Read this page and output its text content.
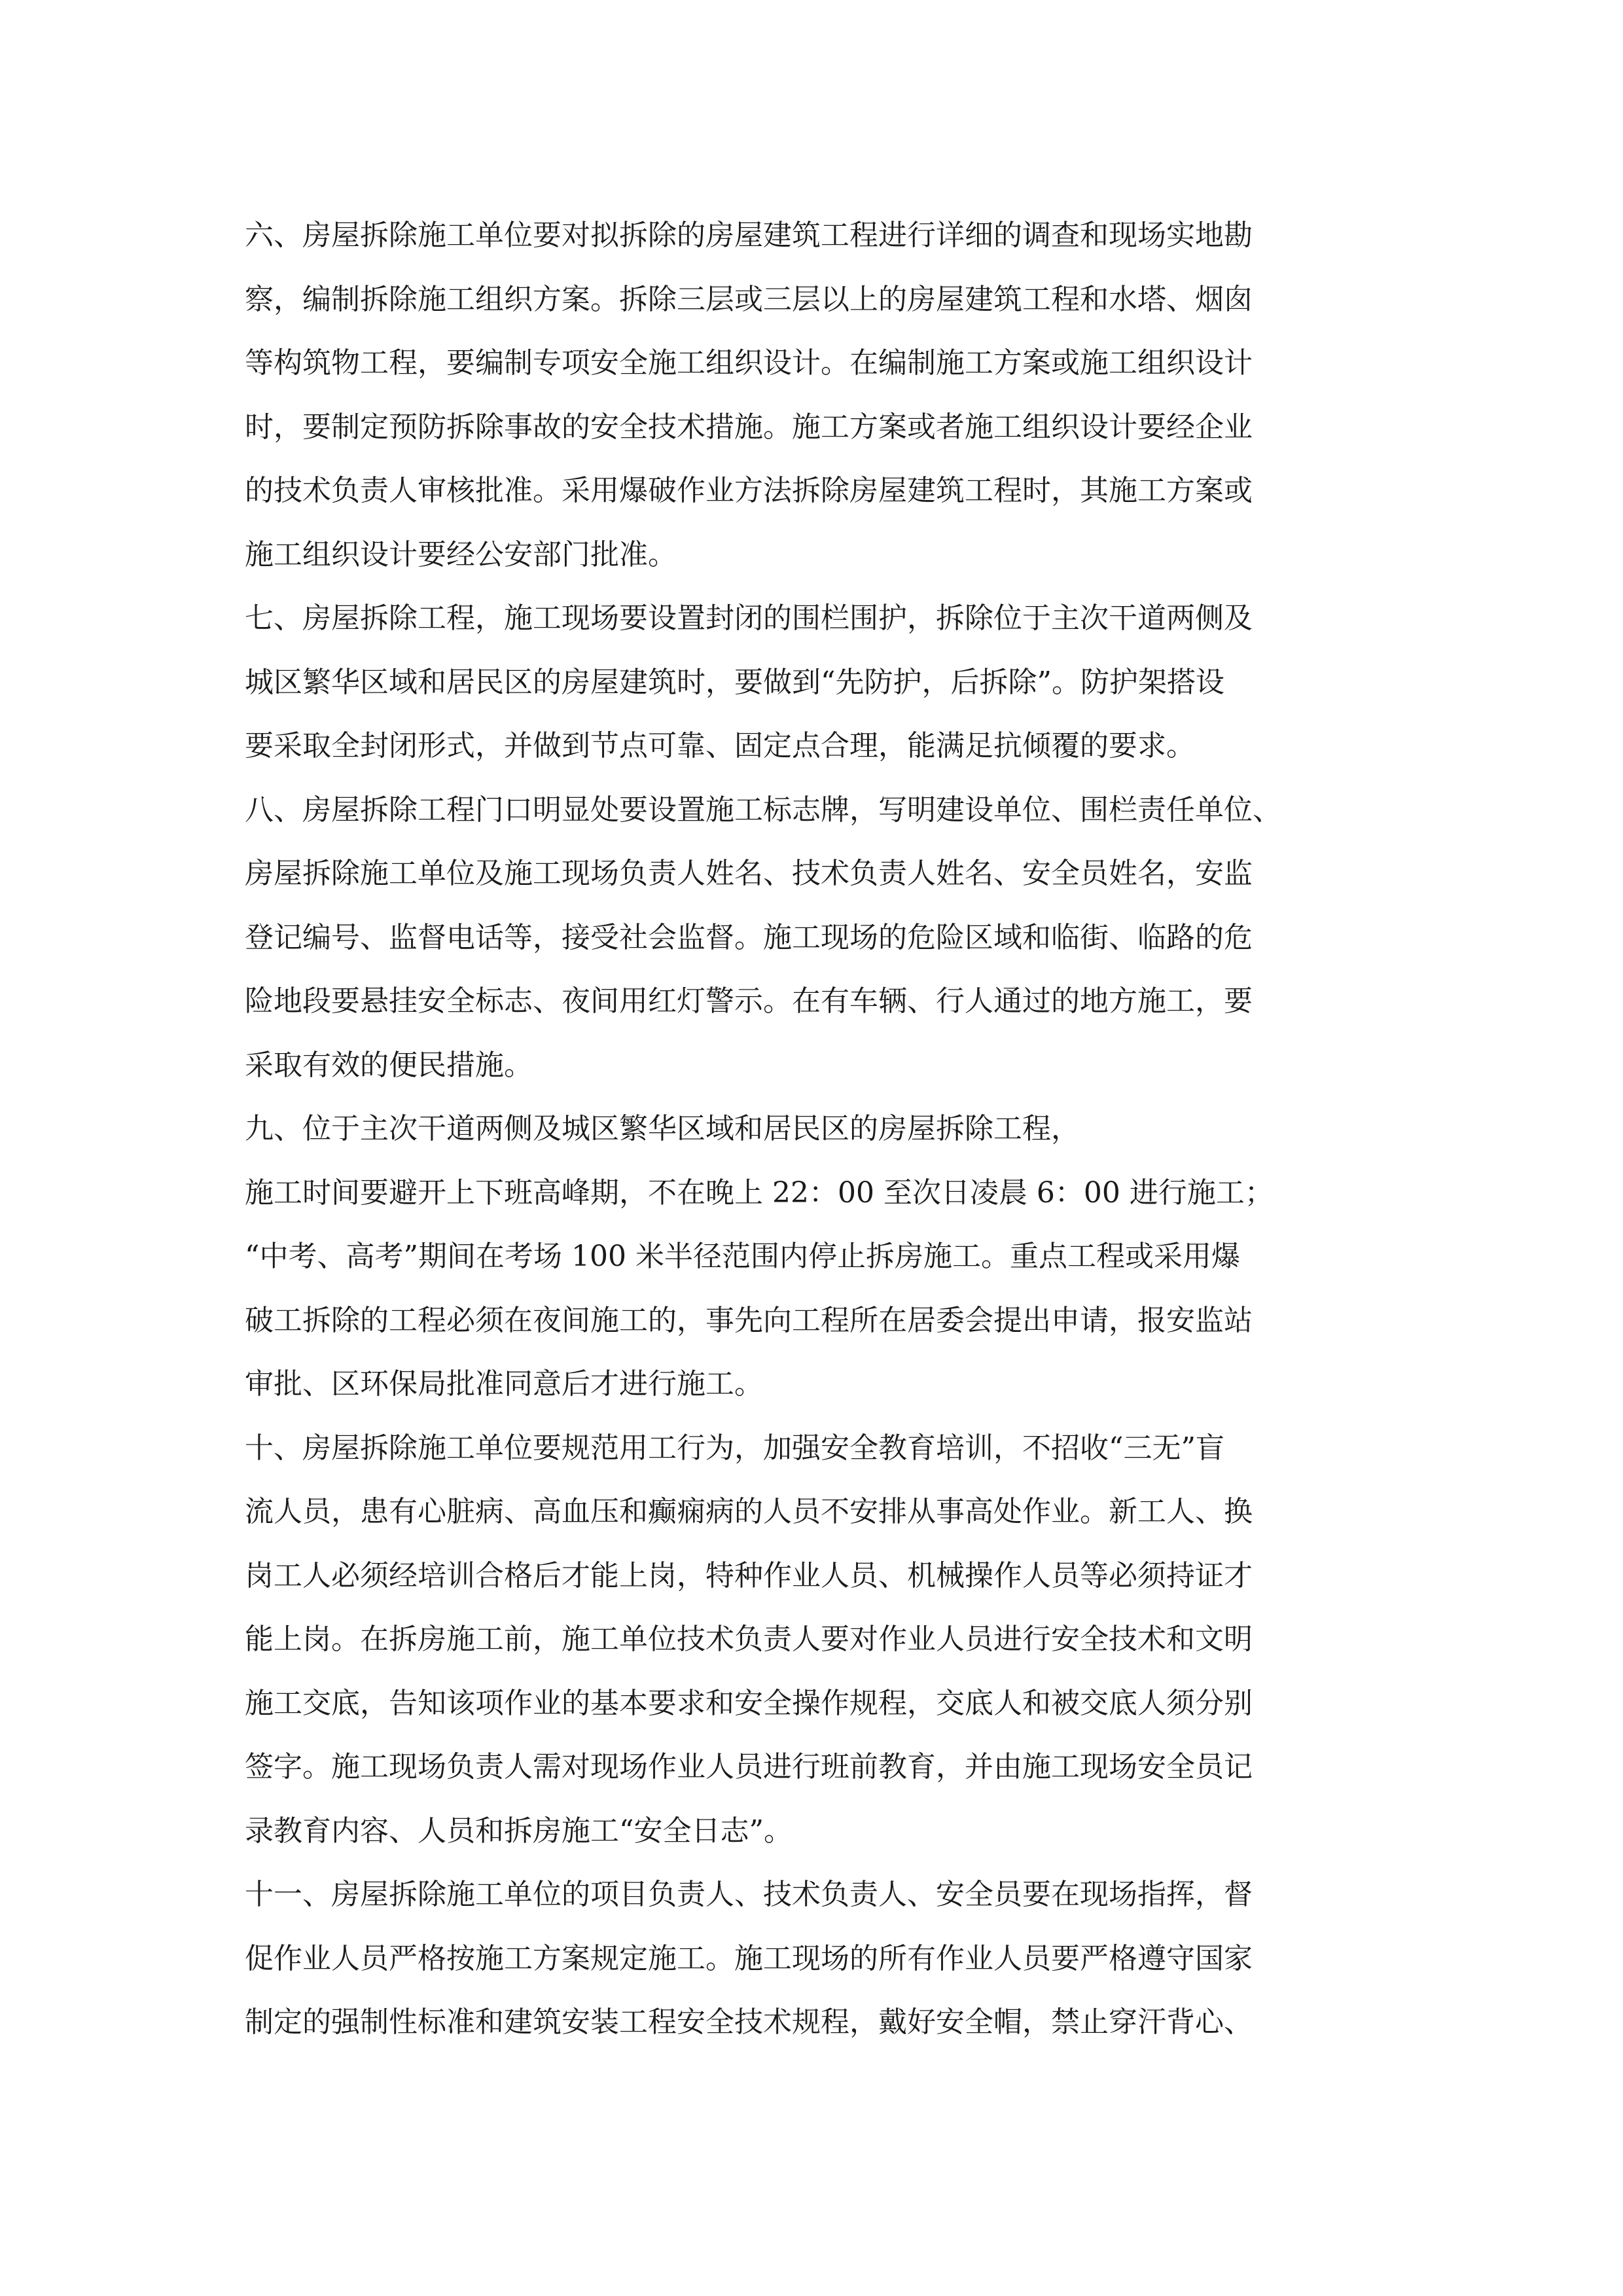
六、房屋拆除施工单位要对拟拆除的房屋建筑工程进行详细的调查和现场实地勘
察，编制拆除施工组织方案。拆除三层或三层以上的房屋建筑工程和水塔、烟囱
等构筑物工程，要编制专项安全施工组织设计。在编制施工方案或施工组织设计
时，要制定预防拆除事故的安全技术措施。施工方案或者施工组织设计要经企业
的技术负责人审核批准。采用爆破作业方法拆除房屋建筑工程时，其施工方案或
施工组织设计要经公安部门批准。
七、房屋拆除工程，施工现场要设置封闭的围栏围护，拆除位于主次干道两侧及
城区繁华区域和居民区的房屋建筑时，要做到“先防护，后拆除”。防护架搭设
要采取全封闭形式，并做到节点可靠、固定点合理，能满足抗倾覆的要求。
八、房屋拆除工程门口明显处要设置施工标志牌，写明建设单位、围栏责任单位、
房屋拆除施工单位及施工现场负责人姓名、技术负责人姓名、安全员姓名，安监
登记编号、监督电话等，接受社会监督。施工现场的危险区域和临街、临路的危
险地段要悬挂安全标志、夜间用红灯警示。在有车辆、行人通过的地方施工，要
采取有效的便民措施。
九、位于主次干道两侧及城区繁华区域和居民区的房屋拆除工程，
施工时间要避开上下班高峰期，不在晚上 22：00 至次日凌晨 6：00 进行施工；
“中考、高考”期间在考场 100 米半径范围内停止拆房施工。重点工程或采用爆
破工拆除的工程必须在夜间施工的，事先向工程所在居委会提出申请，报安监站
审批、区环保局批准同意后才进行施工。
十、房屋拆除施工单位要规范用工行为，加强安全教育培训，不招收“三无”盲
流人员，患有心脏病、高血压和癫痫病的人员不安排从事高处作业。新工人、换
岗工人必须经培训合格后才能上岗，特种作业人员、机械操作人员等必须持证才
能上岗。在拆房施工前，施工单位技术负责人要对作业人员进行安全技术和文明
施工交底，告知该项作业的基本要求和安全操作规程，交底人和被交底人须分别
签字。施工现场负责人需对现场作业人员进行班前教育，并由施工现场安全员记
录教育内容、人员和拆房施工“安全日志”。
十一、房屋拆除施工单位的项目负责人、技术负责人、安全员要在现场指挥，督
促作业人员严格按施工方案规定施工。施工现场的所有作业人员要严格遵守国家
制定的强制性标准和建筑安装工程安全技术规程，戴好安全帽，禁止穿汗背心、
